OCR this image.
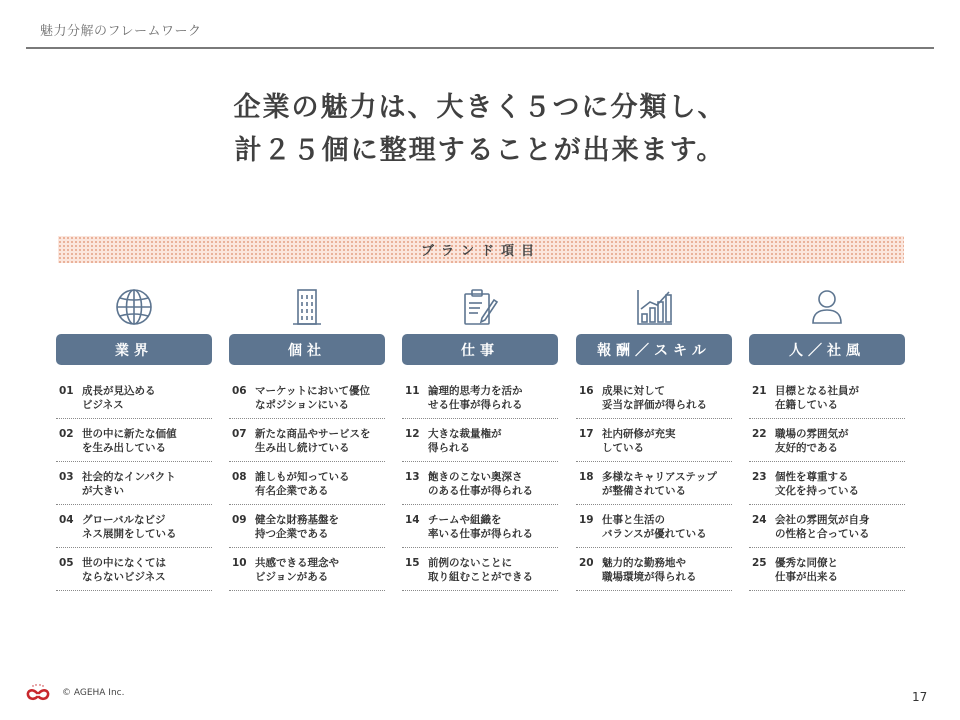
魅力分解のフレームワーク
企業の魅力は、大きく５つに分類し、
計２５個に整理することが出来ます。
ブランド項目
業界
01 成長が見込める
ビジネス
02 世の中に新たな価値
を生み出している
03 社会的なインパクト
が大きい
04 グローバルなビジ
ネス展開をしている
05 世の中になくては
ならないビジネス
個社
06 マーケットにおいて優位
なポジションにいる
07 新たな商品やサービスを
生み出し続けている
08 誰しもが知っている
有名企業である
09 健全な財務基盤を
持つ企業である
10 共感できる理念や
ビジョンがある
仕事
11 論理的思考力を活か
せる仕事が得られる
12 大きな裁量権が
得られる
13 飽きのこない奥深さ
のある仕事が得られる
14 チームや組織を
率いる仕事が得られる
15 前例のないことに
取り組むことができる
報酬／スキル
16 成果に対して
妥当な評価が得られる
17 社内研修が充実
している
18 多様なキャリアステップ
が整備されている
19 仕事と生活の
バランスが優れている
20 魅力的な勤務地や
職場環境が得られる
人／社風
21 目標となる社員が
在籍している
22 職場の雰囲気が
友好的である
23 個性を尊重する
文化を持っている
24 会社の雰囲気が自身
の性格と合っている
25 優秀な同僚と
仕事が出来る
© AGEHA Inc.	17
